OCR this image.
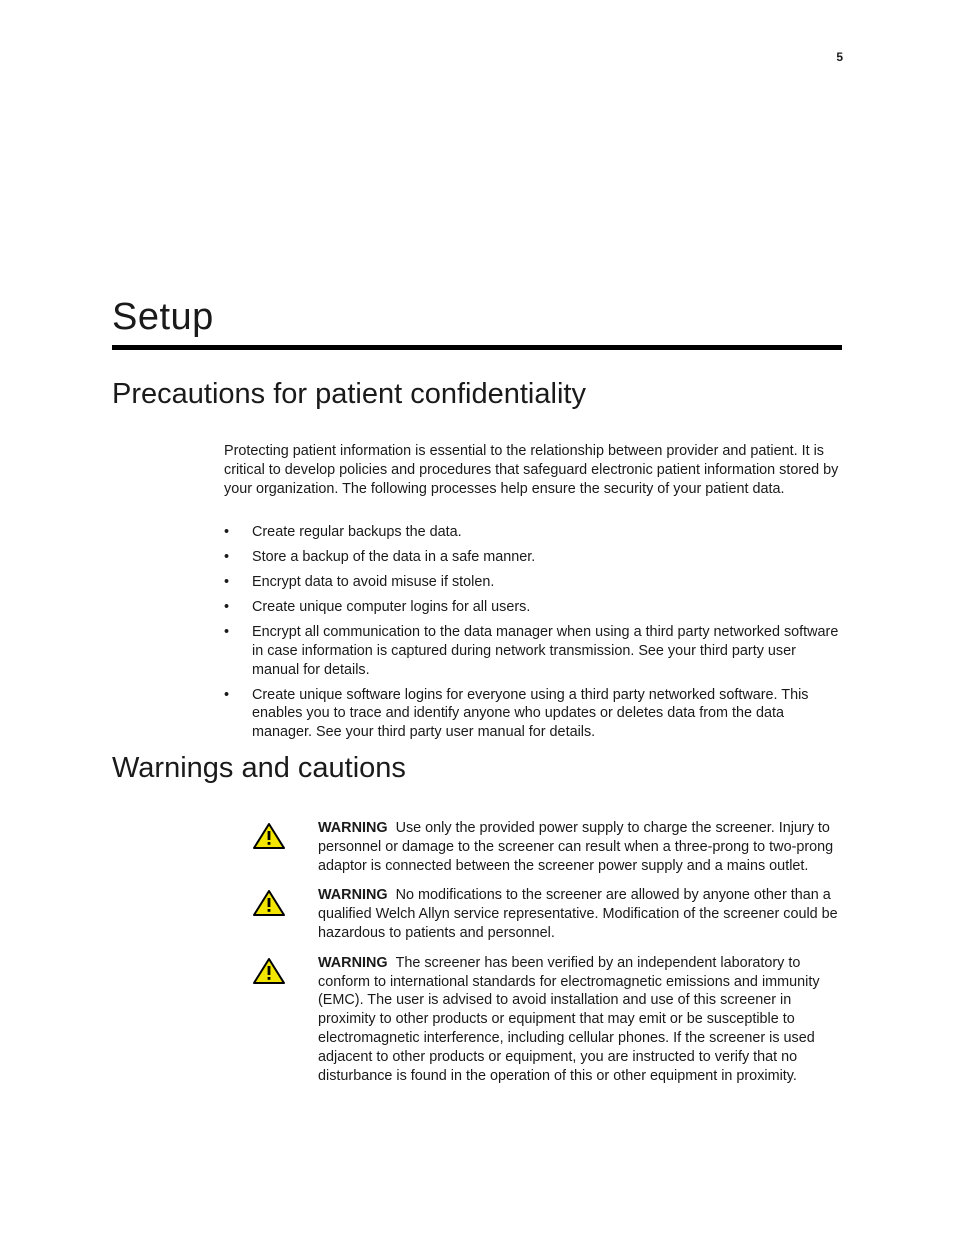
5
Setup
Precautions for patient confidentiality

Protecting patient information is essential to the relationship between provider and patient. It is critical to develop policies and procedures that safeguard electronic patient information stored by your organization. The following processes help ensure the security of your patient data.

• Create regular backups the data.
• Store a backup of the data in a safe manner.
• Encrypt data to avoid misuse if stolen.
• Create unique computer logins for all users.
• Encrypt all communication to the data manager when using a third party networked software in case information is captured during network transmission. See your third party user manual for details.
• Create unique software logins for everyone using a third party networked software. This enables you to trace and identify anyone who updates or deletes data from the data manager. See your third party user manual for details.
Warnings and cautions
WARNING Use only the provided power supply to charge the screener. Injury to personnel or damage to the screener can result when a three-prong to two-prong adaptor is connected between the screener power supply and a mains outlet.
WARNING No modifications to the screener are allowed by anyone other than a qualified Welch Allyn service representative. Modification of the screener could be hazardous to patients and personnel.
WARNING The screener has been verified by an independent laboratory to conform to international standards for electromagnetic emissions and immunity (EMC). The user is advised to avoid installation and use of this screener in proximity to other products or equipment that may emit or be susceptible to electromagnetic interference, including cellular phones. If the screener is used adjacent to other products or equipment, you are instructed to verify that no disturbance is found in the operation of this or other equipment in proximity.
